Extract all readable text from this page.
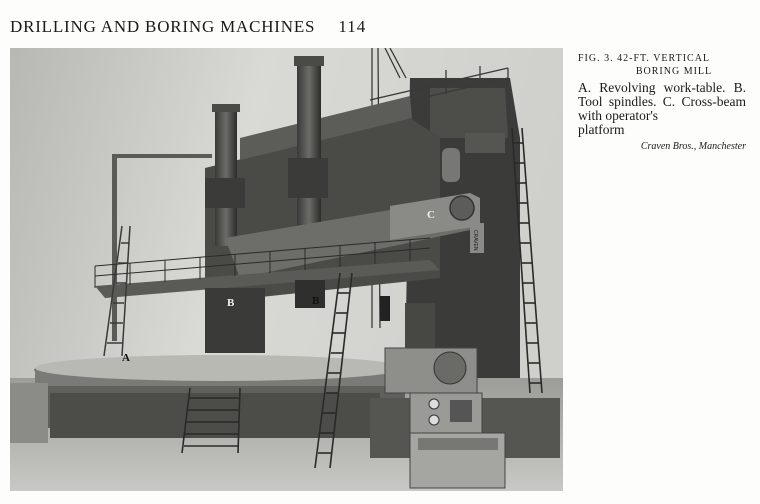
DRILLING AND BORING MACHINES 114
CRAVEN
A
B	B
C
FIG. 3. 42-FT. VERTICAL
BORING MILL
A. Revolving work-table. B. Tool spindles. C. Cross-beam with operator's
platform
Craven Bros., Manchester
